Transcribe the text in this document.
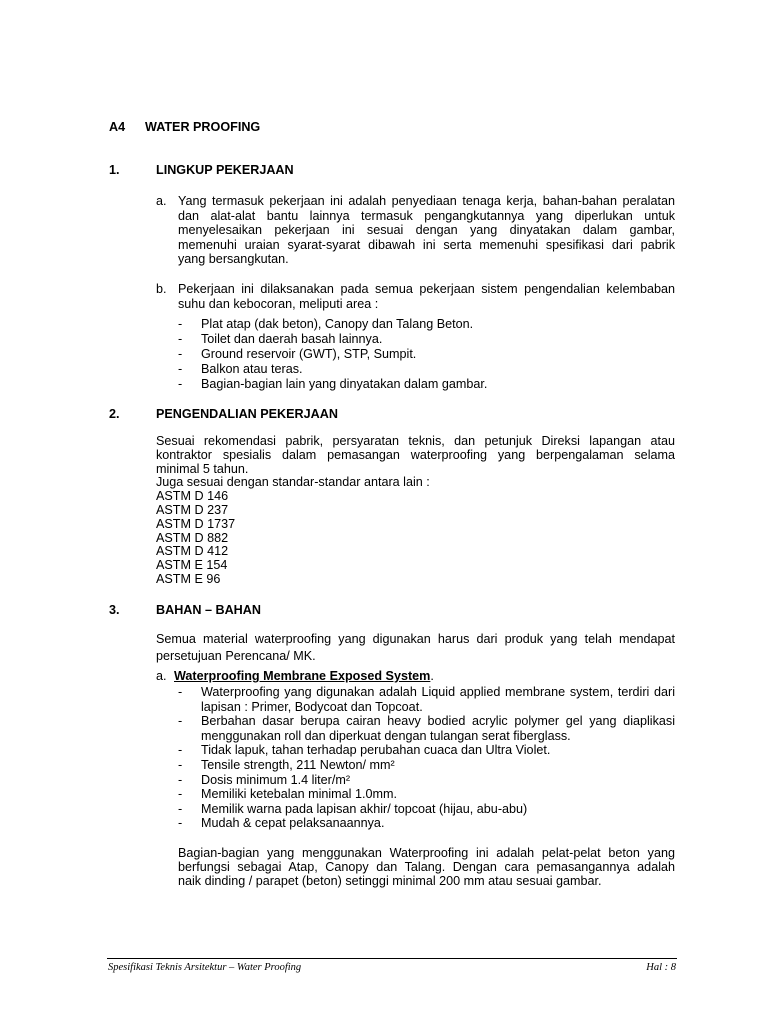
A4 WATER PROOFING
1.	LINGKUP PEKERJAAN
a. Yang termasuk pekerjaan ini adalah penyediaan tenaga kerja, bahan-bahan peralatan
dan alat-alat bantu lainnya termasuk pengangkutannya yang diperlukan untuk
menyelesaikan pekerjaan ini sesuai dengan yang dinyatakan dalam gambar,
memenuhi uraian syarat-syarat dibawah ini serta memenuhi spesifikasi dari pabrik
yang bersangkutan.
b. Pekerjaan ini dilaksanakan pada semua pekerjaan sistem pengendalian kelembaban
suhu dan kebocoran, meliputi area :
- Plat atap (dak beton), Canopy dan Talang Beton.
- Toilet dan daerah basah lainnya.
- Ground reservoir (GWT), STP, Sumpit.
- Balkon atau teras.
- Bagian-bagian lain yang dinyatakan dalam gambar.
2.	PENGENDALIAN PEKERJAAN
Sesuai rekomendasi pabrik, persyaratan teknis, dan petunjuk Direksi lapangan atau
kontraktor spesialis dalam pemasangan waterproofing yang berpengalaman selama
minimal 5 tahun.
Juga sesuai dengan standar-standar antara lain :
ASTM D 146
ASTM D 237
ASTM D 1737
ASTM D 882
ASTM D 412
ASTM E 154
ASTM E 96
3.	BAHAN – BAHAN
Semua material waterproofing yang digunakan harus dari produk yang telah mendapat
persetujuan Perencana/ MK.
a. Waterproofing Membrane Exposed System.
- Waterproofing yang digunakan adalah Liquid applied membrane system, terdiri dari
lapisan : Primer, Bodycoat dan Topcoat.
- Berbahan dasar berupa cairan heavy bodied acrylic polymer gel yang diaplikasi
menggunakan roll dan diperkuat dengan tulangan serat fiberglass.
- Tidak lapuk, tahan terhadap perubahan cuaca dan Ultra Violet.
- Tensile strength, 211 Newton/ mm²
- Dosis minimum 1.4 liter/m²
- Memiliki ketebalan minimal 1.0mm.
- Memilik warna pada lapisan akhir/ topcoat (hijau, abu-abu)
- Mudah & cepat pelaksanaannya.
Bagian-bagian yang menggunakan Waterproofing ini adalah pelat-pelat beton yang
berfungsi sebagai Atap, Canopy dan Talang. Dengan cara pemasangannya adalah
naik dinding / parapet (beton) setinggi minimal 200 mm atau sesuai gambar.
Spesifikasi Teknis Arsitektur – Water Proofing	Hal : 8
